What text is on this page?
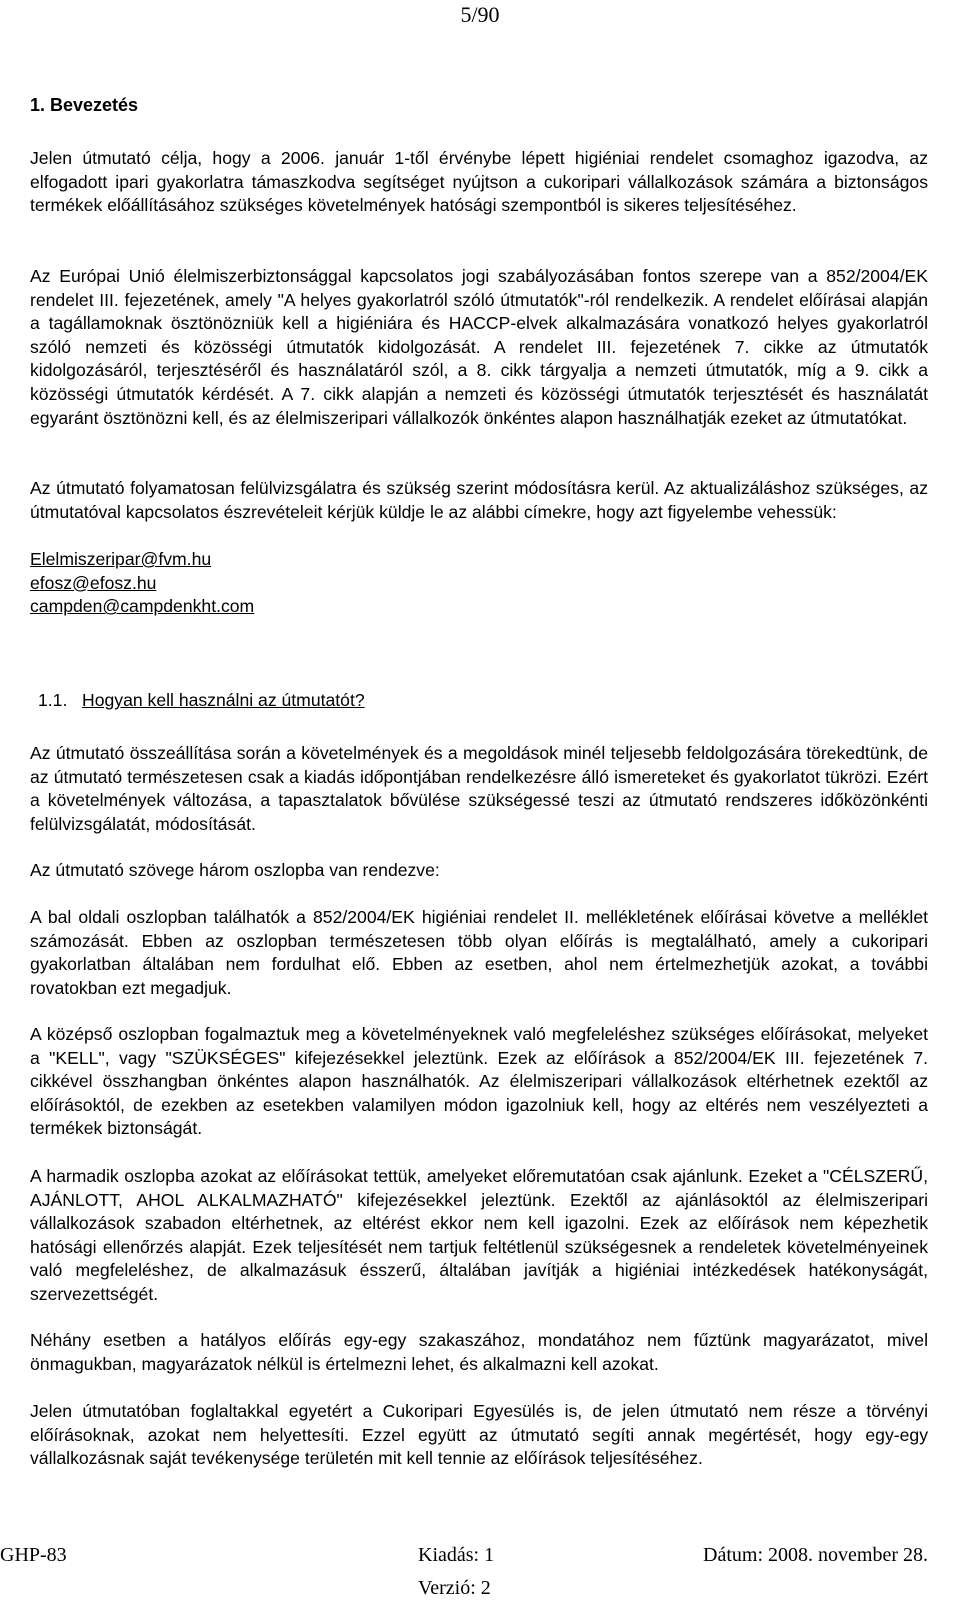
5/90
1. Bevezetés

Jelen útmutató célja, hogy a 2006. január 1-től érvénybe lépett higiéniai rendelet csomaghoz igazodva, az elfogadott ipari gyakorlatra támaszkodva segítséget nyújtson a cukoripari vállalkozások számára a biztonságos termékek előállításához szükséges követelmények hatósági szempontból is sikeres teljesítéséhez.

Az Európai Unió élelmiszerbiztonsággal kapcsolatos jogi szabályozásában fontos szerepe van a 852/2004/EK rendelet III. fejezetének, amely "A helyes gyakorlatról szóló útmutatók"-ról rendelkezik. A rendelet előírásai alapján a tagállamoknak ösztönözniük kell a higiéniára és HACCP-elvek alkalmazására vonatkozó helyes gyakorlatról szóló nemzeti és közösségi útmutatók kidolgozását. A rendelet III. fejezetének 7. cikke az útmutatók kidolgozásáról, terjesztéséről és használatáról szól, a 8. cikk tárgyalja a nemzeti útmutatók, míg a 9. cikk a közösségi útmutatók kérdését. A 7. cikk alapján a nemzeti és közösségi útmutatók terjesztését és használatát egyaránt ösztönözni kell, és az élelmiszeripari vállalkozók önkéntes alapon használhatják ezeket az útmutatókat.

Az útmutató folyamatosan felülvizsgálatra és szükség szerint módosításra kerül. Az aktualizáláshoz szükséges, az útmutatóval kapcsolatos észrevételeit kérjük küldje le az alábbi címekre, hogy azt figyelembe vehessük:

Elelmiszeripar@fvm.hu
efosz@efosz.hu
campden@campdenkht.com
1.1. Hogyan kell használni az útmutatót?

Az útmutató összeállítása során a követelmények és a megoldások minél teljesebb feldolgozására törekedtünk, de az útmutató természetesen csak a kiadás időpontjában rendelkezésre álló ismereteket és gyakorlatot tükrözi. Ezért a követelmények változása, a tapasztalatok bővülése szükségessé teszi az útmutató rendszeres időközönkénti felülvizsgálatát, módosítását.

Az útmutató szövege három oszlopba van rendezve:

A bal oldali oszlopban találhatók a 852/2004/EK higiéniai rendelet II. mellékletének előírásai követve a melléklet számozását. Ebben az oszlopban természetesen több olyan előírás is megtalálható, amely a cukoripari gyakorlatban általában nem fordulhat elő. Ebben az esetben, ahol nem értelmezhetjük azokat, a további rovatokban ezt megadjuk.

A középső oszlopban fogalmaztuk meg a követelményeknek való megfeleléshez szükséges előírásokat, melyeket a "KELL", vagy "SZÜKSÉGES" kifejezésekkel jeleztünk. Ezek az előírások a 852/2004/EK III. fejezetének 7. cikkével összhangban önkéntes alapon használhatók. Az élelmiszeripari vállalkozások eltérhetnek ezektől az előírásoktól, de ezekben az esetekben valamilyen módon igazolniuk kell, hogy az eltérés nem veszélyezteti a termékek biztonságát.

A harmadik oszlopba azokat az előírásokat tettük, amelyeket előremutatóan csak ajánlunk. Ezeket a "CÉLSZERŰ, AJÁNLOTT, AHOL ALKALMAZHATÓ" kifejezésekkel jeleztünk. Ezektől az ajánlásoktól az élelmiszeripari vállalkozások szabadon eltérhetnek, az eltérést ekkor nem kell igazolni. Ezek az előírások nem képezhetik hatósági ellenőrzés alapját. Ezek teljesítését nem tartjuk feltétlenül szükségesnek a rendeletek követelményeinek való megfeleléshez, de alkalmazásuk ésszerű, általában javítják a higiéniai intézkedések hatékonyságát, szervezettségét.

Néhány esetben a hatályos előírás egy-egy szakaszához, mondatához nem fűztünk magyarázatot, mivel önmagukban, magyarázatok nélkül is értelmezni lehet, és alkalmazni kell azokat.

Jelen útmutatóban foglaltakkal egyetért a Cukoripari Egyesülés is, de jelen útmutató nem része a törvényi előírásoknak, azokat nem helyettesíti. Ezzel együtt az útmutató segíti annak megértését, hogy egy-egy vállalkozásnak saját tevékenysége területén mit kell tennie az előírások teljesítéséhez.

GHP-83	Kiadás: 1	Dátum: 2008. november 28.
Verzió: 2
